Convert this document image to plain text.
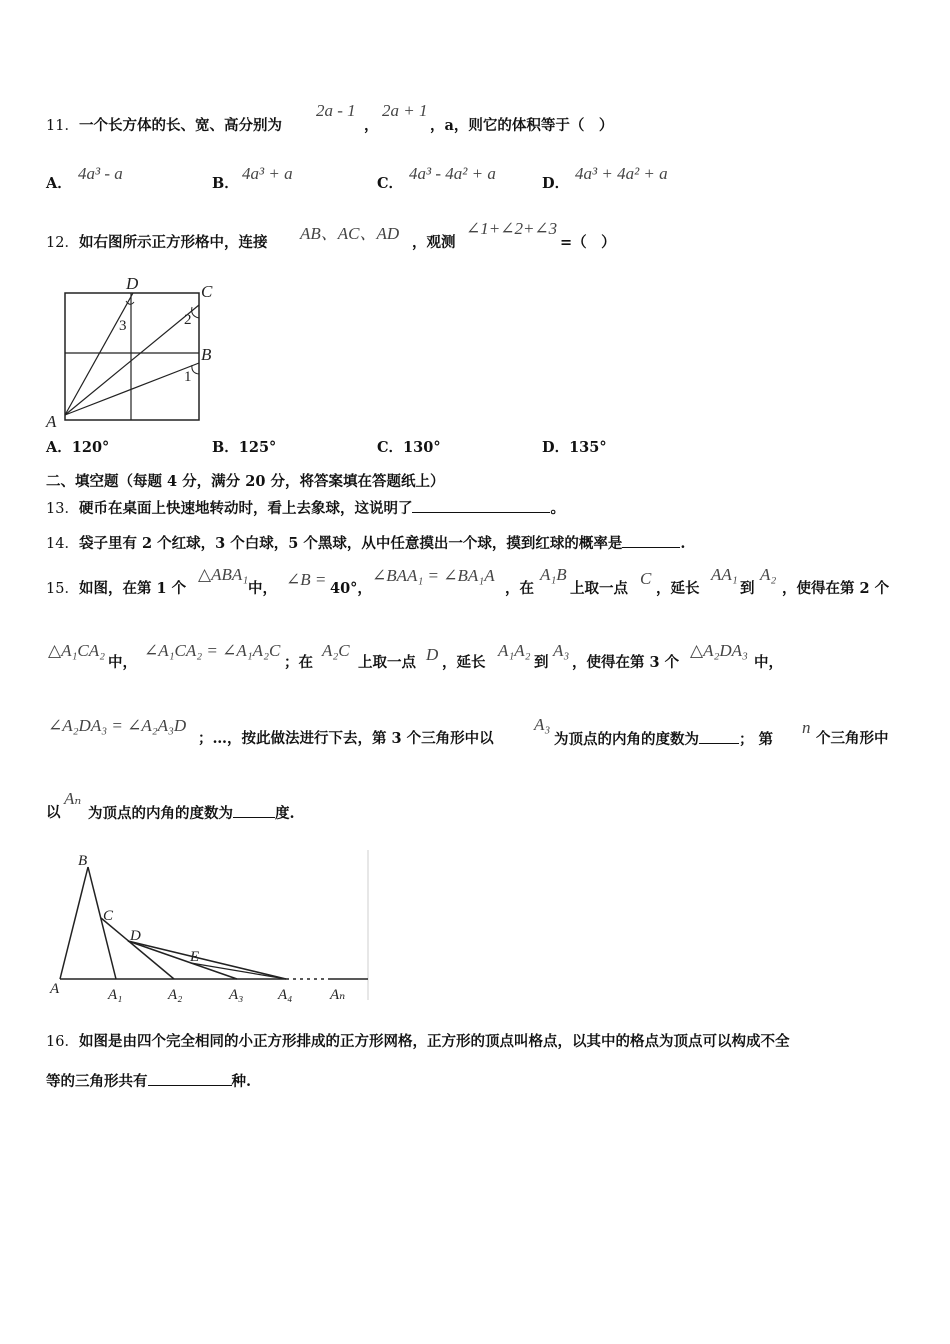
11．一个长方体的长、宽、高分别为
2a - 1
，
2a + 1
，a，则它的体积等于（　）
A．
4a³ - a
B．
4a³ + a
C．
4a³ - 4a² + a
D．
4a³ + 4a² + a
12．如右图所示正方形格中，连接 AB、AC、AD ，观测
∠1+∠2+∠3
=（　）
D	C
B
A
2
1
3
A．120°	B．125°	C．130°	D．135°
二、填空题（每题 4 分，满分 20 分，将答案填在答题纸上）
13．硬币在桌面上快速地转动时，看上去象球，这说明了	。
14．袋子里有 2 个红球，3 个白球，5 个黑球，从中任意摸出一个球，摸到红球的概率是	.
15．如图，在第 1 个
△ABA₁
中， ∠B = 40°，
∠BAA₁ = ∠BA₁A
，在
A₁B
上取一点
C
，延长
AA₁
到
A₂
，使得在第 2 个
△A₁CA₂
中，
∠A₁CA₂ = ∠A₁A₂C
；在
A₂C
上取一点 D ，延长
A₁A₂
到
A₃
，使得在第 3 个
△A₂DA₃
中，
∠A₂DA₃ = ∠A₂A₃D
；…，按此做法进行下去，第 3 个三角形中以
A₃
为顶点的内角的度数为	； 第
n
个三角形中
以
Aₙ
为顶点的内角的度数为	度.
B
C
D
E
A	A₁	A₂	A₃ A₄	Aₙ
16．如图是由四个完全相同的小正方形排成的正方形网格，正方形的顶点叫格点，以其中的格点为顶点可以构成不全
等的三角形共有	种.
